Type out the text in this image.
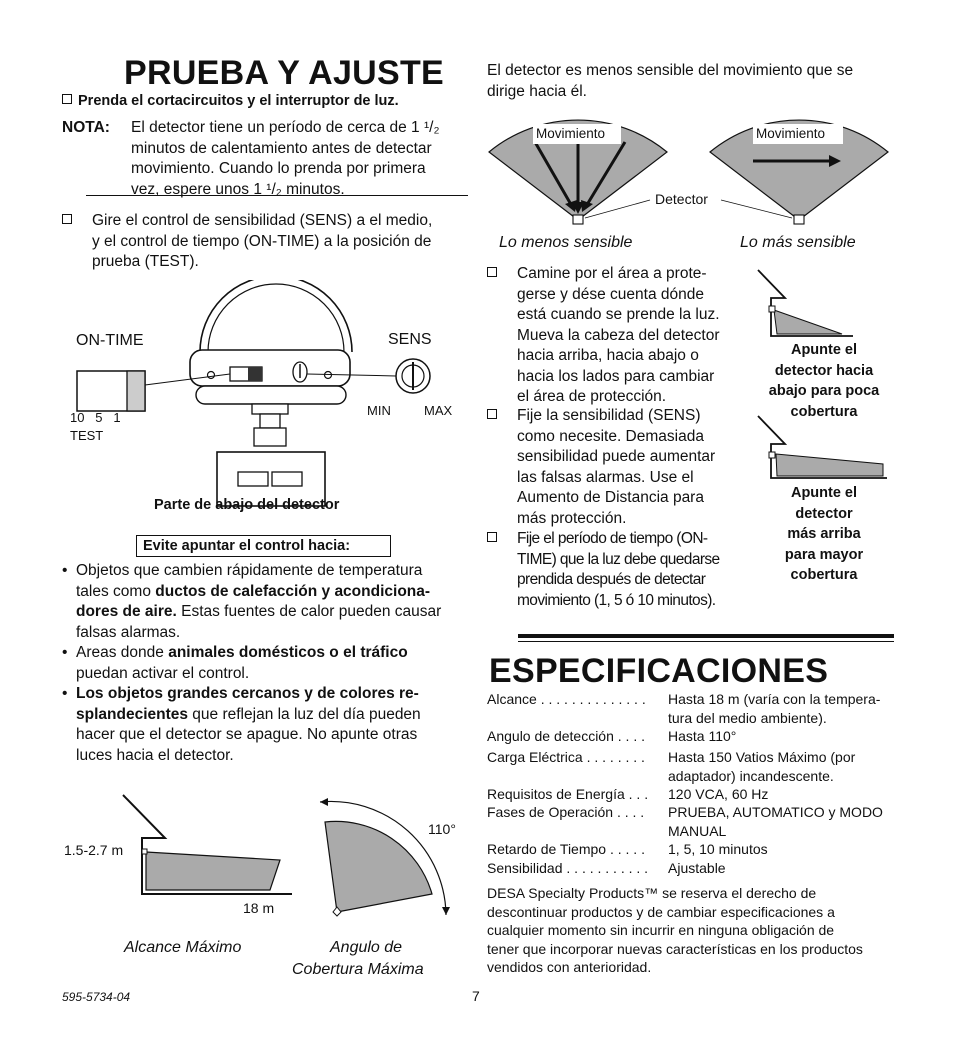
PRUEBA Y AJUSTE
Prenda el cortacircuitos y el interruptor de luz.
NOTA: El detector tiene un período de cerca de 1 ¹/₂
minutos de calentamiento antes de detectar
movimiento. Cuando lo prenda por primera
vez, espere unos 1 ¹/₂ minutos.
Gire el control de sensibilidad (SENS) a el medio,
y el control de tiempo (ON-TIME) a la posición de
prueba (TEST).
ON-TIME	SENS
10   5   1
TEST
MIN	MAX
Parte de abajo del detector
Evite apuntar el control hacia:
• Objetos que cambien rápidamente de temperatura
tales como ductos de calefacción y acondiciona-
dores de aire. Estas fuentes de calor pueden causar
falsas alarmas.
• Areas donde animales domésticos o el tráfico
puedan activar el control.
• Los objetos grandes cercanos y de colores re-
splandecientes que reflejan la luz del día pueden
hacer que el detector se apague. No apunte otras
luces hacia el detector.
1.5-2.7 m
18 m
110°
Alcance Máximo	Angulo de
Cobertura Máxima
595-5734-04	7
El detector es menos sensible del movimiento que se
dirige hacia él.
Movimiento	Movimiento
Detector
Lo menos sensible	Lo más sensible
Camine por el área a prote-
gerse y dése cuenta dónde
está cuando se prende la luz.
Mueva la cabeza del detector
hacia arriba, hacia abajo o
hacia los lados para cambiar
el área de protección.
Fije la sensibilidad (SENS)
como necesite. Demasiada
sensibilidad puede aumentar
las falsas alarmas. Use el
Aumento de Distancia para
más protección.
Fije el período de tiempo (ON-
TIME) que la luz debe quedarse
prendida después de detectar
movimiento (1, 5 ó 10 minutos).
Apunte el
detector hacia
abajo para poca
cobertura
Apunte el
detector
más arriba
para mayor
cobertura
ESPECIFICACIONES
Alcance . . . . . . . . . . . . . . Hasta 18 m (varía con la tempera-
tura del medio ambiente).
Angulo de detección . . . . Hasta 110°
Carga Eléctrica . . . . . . . . Hasta 150 Vatios Máximo (por
adaptador) incandescente.
Requisitos de Energía . . . 120 VCA, 60 Hz
Fases de Operación . . . . PRUEBA, AUTOMATICO y MODO
MANUAL
Retardo de Tiempo . . . . . 1, 5, 10 minutos
Sensibilidad . . . . . . . . . . . Ajustable
DESA Specialty Products™ se reserva el derecho de
descontinuar productos y de cambiar especificaciones a
cualquier momento sin incurrir en ninguna obligación de
tener que incorporar nuevas características en los productos
vendidos con anterioridad.
